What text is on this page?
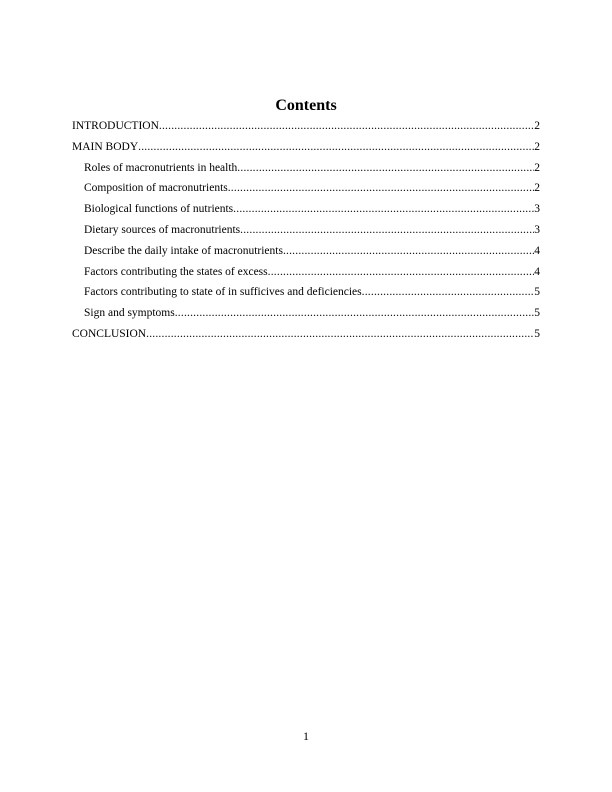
Contents
INTRODUCTION .....	2
MAIN BODY .....	2
Roles of macronutrients in health .....	2
Composition of macronutrients .....	2
Biological functions of nutrients .....	3
Dietary sources of macronutrients .....	3
Describe the daily intake of macronutrients .....	4
Factors contributing the states of excess .....	4
Factors contributing to state of in sufficives and deficiencies .....	5
Sign and symptoms .....	5
CONCLUSION .....	5
1
